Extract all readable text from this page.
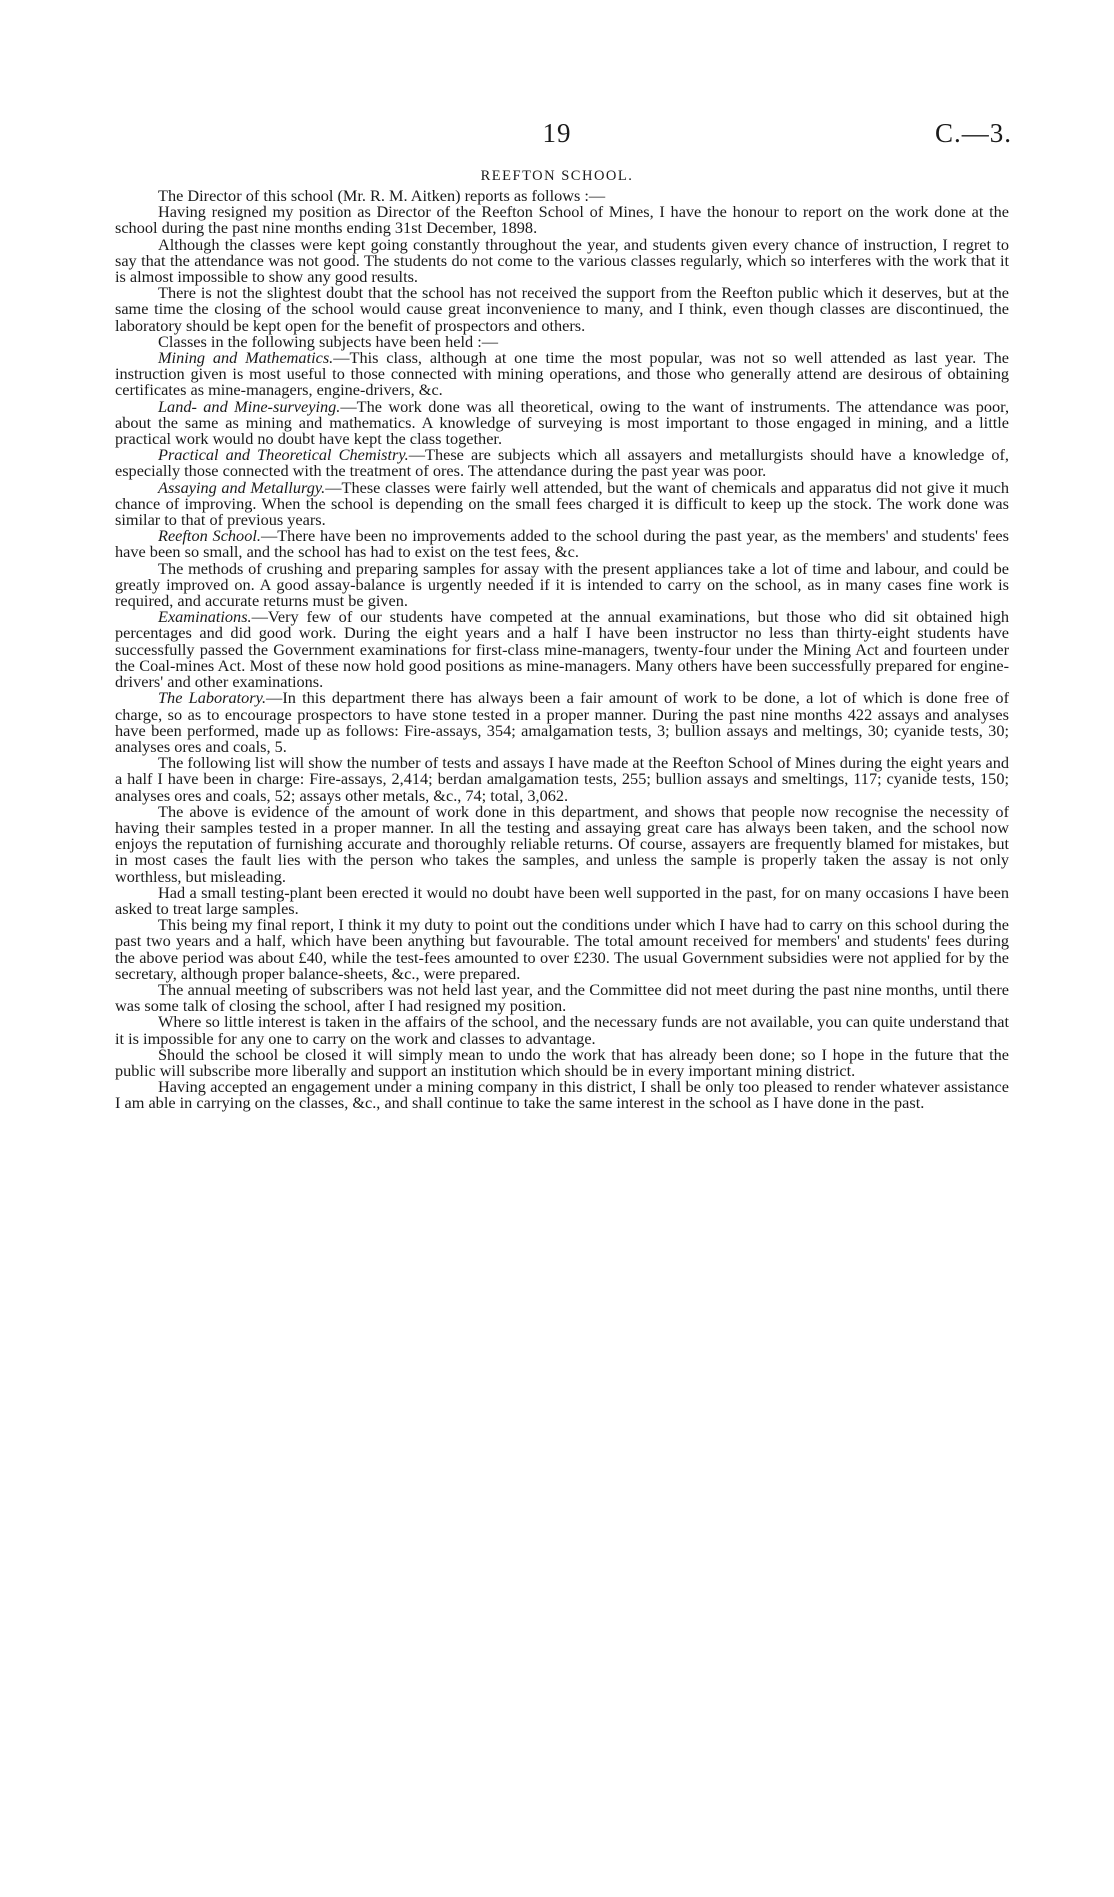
19	C.—3.
REEFTON SCHOOL.

The Director of this school (Mr. R. M. Aitken) reports as follows :—

Having resigned my position as Director of the Reefton School of Mines, I have the honour to report on the work done at the school during the past nine months ending 31st December, 1898.

Although the classes were kept going constantly throughout the year, and students given every chance of instruction, I regret to say that the attendance was not good. The students do not come to the various classes regularly, which so interferes with the work that it is almost impossible to show any good results.

There is not the slightest doubt that the school has not received the support from the Reefton public which it deserves, but at the same time the closing of the school would cause great inconvenience to many, and I think, even though classes are discontinued, the laboratory should be kept open for the benefit of prospectors and others.

Classes in the following subjects have been held :—

Mining and Mathematics.—This class, although at one time the most popular, was not so well attended as last year. The instruction given is most useful to those connected with mining operations, and those who generally attend are desirous of obtaining certificates as mine-managers, engine-drivers, &c.

Land- and Mine-surveying.—The work done was all theoretical, owing to the want of instruments. The attendance was poor, about the same as mining and mathematics. A knowledge of surveying is most important to those engaged in mining, and a little practical work would no doubt have kept the class together.

Practical and Theoretical Chemistry.—These are subjects which all assayers and metallurgists should have a knowledge of, especially those connected with the treatment of ores. The attendance during the past year was poor.

Assaying and Metallurgy.—These classes were fairly well attended, but the want of chemicals and apparatus did not give it much chance of improving. When the school is depending on the small fees charged it is difficult to keep up the stock. The work done was similar to that of previous years.

Reefton School.—There have been no improvements added to the school during the past year, as the members' and students' fees have been so small, and the school has had to exist on the test fees, &c.

The methods of crushing and preparing samples for assay with the present appliances take a lot of time and labour, and could be greatly improved on. A good assay-balance is urgently needed if it is intended to carry on the school, as in many cases fine work is required, and accurate returns must be given.

Examinations.—Very few of our students have competed at the annual examinations, but those who did sit obtained high percentages and did good work. During the eight years and a half I have been instructor no less than thirty-eight students have successfully passed the Government examinations for first-class mine-managers, twenty-four under the Mining Act and fourteen under the Coal-mines Act. Most of these now hold good positions as mine-managers. Many others have been successfully prepared for engine-drivers' and other examinations.

The Laboratory.—In this department there has always been a fair amount of work to be done, a lot of which is done free of charge, so as to encourage prospectors to have stone tested in a proper manner. During the past nine months 422 assays and analyses have been performed, made up as follows: Fire-assays, 354; amalgamation tests, 3; bullion assays and meltings, 30; cyanide tests, 30; analyses ores and coals, 5.

The following list will show the number of tests and assays I have made at the Reefton School of Mines during the eight years and a half I have been in charge: Fire-assays, 2,414; berdan amalgamation tests, 255; bullion assays and smeltings, 117; cyanide tests, 150; analyses ores and coals, 52; assays other metals, &c., 74; total, 3,062.

The above is evidence of the amount of work done in this department, and shows that people now recognise the necessity of having their samples tested in a proper manner. In all the testing and assaying great care has always been taken, and the school now enjoys the reputation of furnishing accurate and thoroughly reliable returns. Of course, assayers are frequently blamed for mistakes, but in most cases the fault lies with the person who takes the samples, and unless the sample is properly taken the assay is not only worthless, but misleading.

Had a small testing-plant been erected it would no doubt have been well supported in the past, for on many occasions I have been asked to treat large samples.

This being my final report, I think it my duty to point out the conditions under which I have had to carry on this school during the past two years and a half, which have been anything but favourable. The total amount received for members' and students' fees during the above period was about £40, while the test-fees amounted to over £230. The usual Government subsidies were not applied for by the secretary, although proper balance-sheets, &c., were prepared.

The annual meeting of subscribers was not held last year, and the Committee did not meet during the past nine months, until there was some talk of closing the school, after I had resigned my position.

Where so little interest is taken in the affairs of the school, and the necessary funds are not available, you can quite understand that it is impossible for any one to carry on the work and classes to advantage.

Should the school be closed it will simply mean to undo the work that has already been done; so I hope in the future that the public will subscribe more liberally and support an institution which should be in every important mining district.

Having accepted an engagement under a mining company in this district, I shall be only too pleased to render whatever assistance I am able in carrying on the classes, &c., and shall continue to take the same interest in the school as I have done in the past.
